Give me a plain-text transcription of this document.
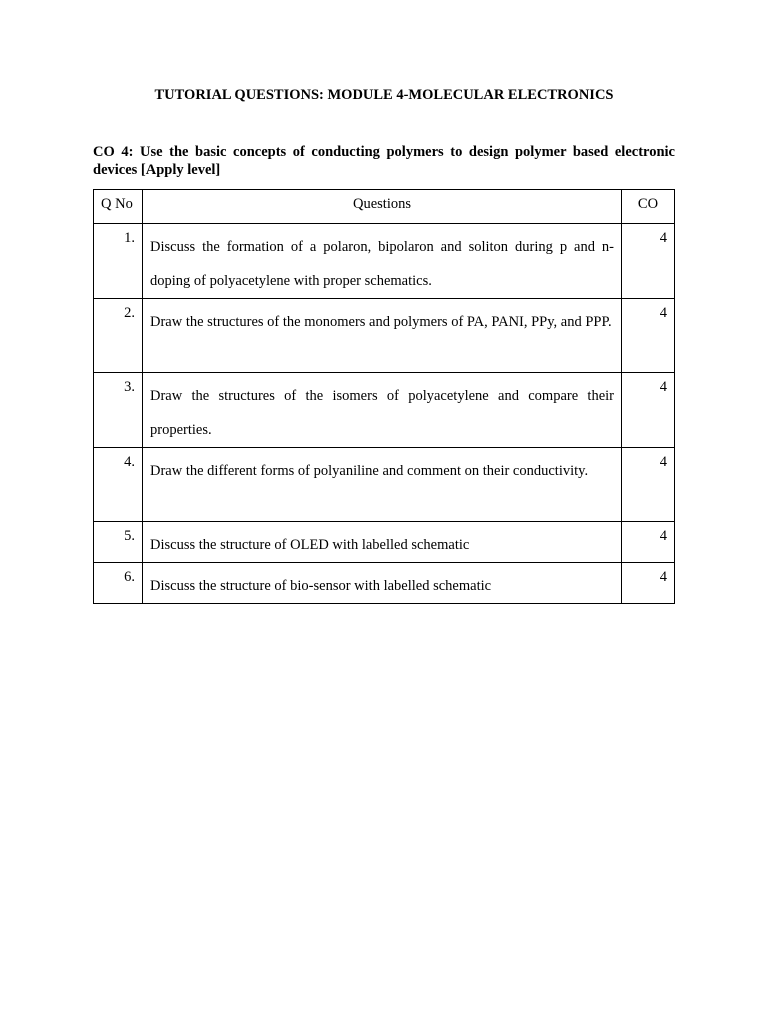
TUTORIAL QUESTIONS: MODULE 4-MOLECULAR ELECTRONICS
CO 4: Use the basic concepts of conducting polymers to design polymer based electronic devices [Apply level]
Q No	Questions	CO
1.	Discuss the formation of a polaron, bipolaron and soliton during p and n-doping of polyacetylene with proper schematics.	4
2.	Draw the structures of the monomers and polymers of PA, PANI, PPy, and PPP.	4
3.	Draw the structures of the isomers of polyacetylene and compare their properties.	4
4.	Draw the different forms of polyaniline and comment on their conductivity.	4
5.	Discuss the structure of OLED with labelled schematic	4
6.	Discuss the structure of bio-sensor with labelled schematic	4
